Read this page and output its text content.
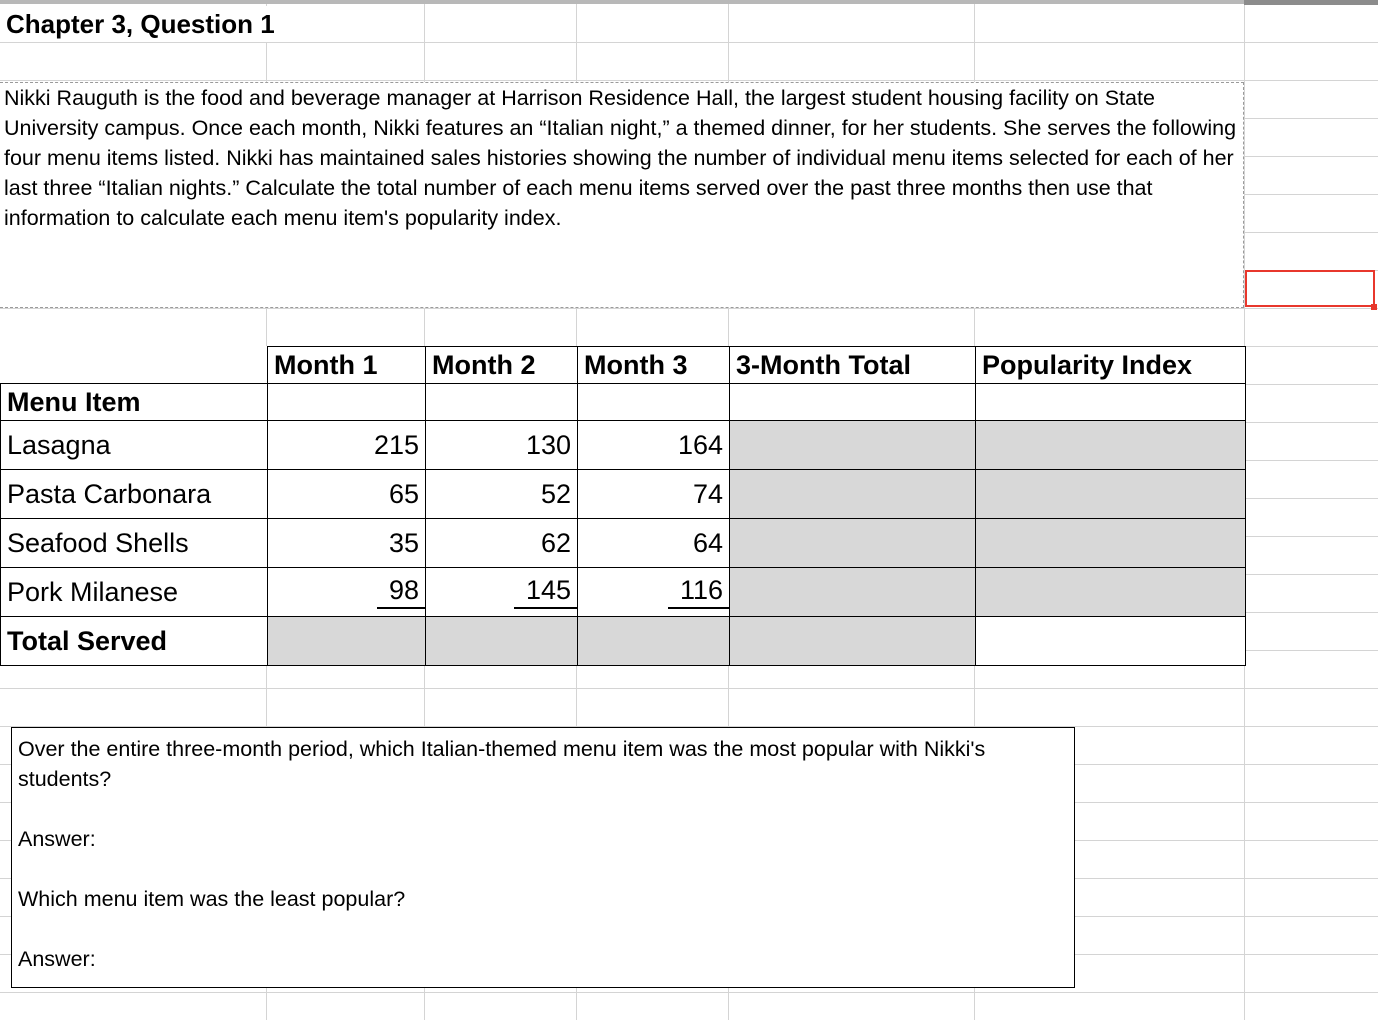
Chapter 3, Question 1
Nikki Rauguth is the food and beverage manager at Harrison Residence Hall, the largest student housing facility on State University campus. Once each month, Nikki features an “Italian night,” a themed dinner, for her students. She serves the following four menu items listed. Nikki has maintained sales histories showing the number of individual menu items selected for each of her last three “Italian nights.” Calculate the total number of each menu items served over the past three months then use that information to calculate each menu item's popularity index.
	Month 1	Month 2	Month 3	3-Month Total	Popularity Index
Menu Item					
Lasagna	215	130	164		
Pasta Carbonara	65	52	74		
Seafood Shells	35	62	64		
Pork Milanese	98	145	116		
Total Served					

Over the entire three-month period, which Italian-themed menu item was the most popular with Nikki's students?

Answer:

Which menu item was the least popular?

Answer:
